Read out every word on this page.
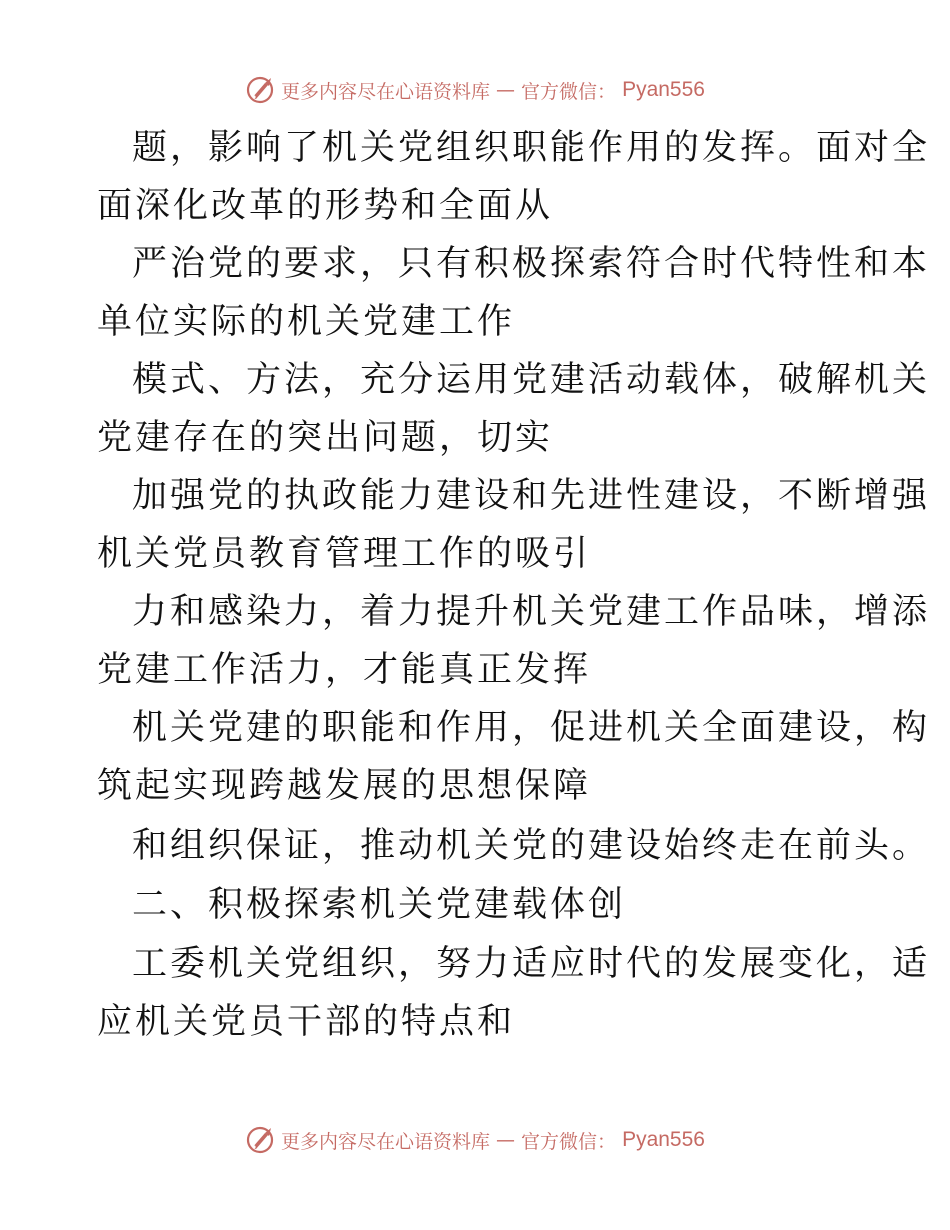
更多内容尽在心语资料库 — 官方微信： Pyan556
题，影响了机关党组织职能作用的发挥。面对全
面深化改革的形势和全面从
严治党的要求，只有积极探索符合时代特性和本
单位实际的机关党建工作
模式、方法，充分运用党建活动载体，破解机关
党建存在的突出问题，切实
加强党的执政能力建设和先进性建设，不断增强
机关党员教育管理工作的吸引
力和感染力，着力提升机关党建工作品味，增添
党建工作活力，才能真正发挥
机关党建的职能和作用，促进机关全面建设，构
筑起实现跨越发展的思想保障
和组织保证，推动机关党的建设始终走在前头。
二、积极探索机关党建载体创
工委机关党组织，努力适应时代的发展变化，适
应机关党员干部的特点和
更多内容尽在心语资料库 — 官方微信： Pyan556
